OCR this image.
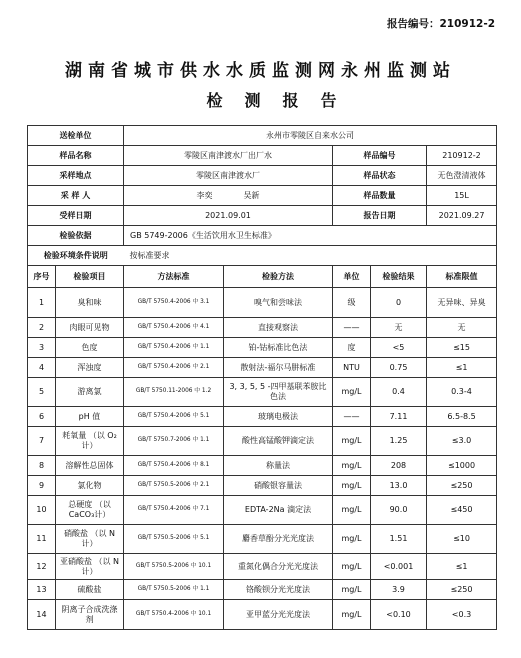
报告编号：210912-2
湖南省城市供水水质监测网永州监测站
检测报告
送检单位		永州市零陵区自来水公司				
样品名称		零陵区南津渡水厂出厂水		样品编号		210912-2
采样地点		零陵区南津渡水厂		样品状态		无色澄清液体
采 样 人		李奕 吴新		样品数量		15L
受样日期		2021.09.01		报告日期		2021.09.27
检验依据		GB 5749-2006《生活饮用水卫生标准》				
检验环境条件说明		按标准要求				
序号	检验项目	方法标准	检验方法	单位	检验结果	标准限值
1	臭和味	GB/T 5750.4-2006 中 3.1	嗅气和尝味法	级	0	无异味、异臭
2	肉眼可见物	GB/T 5750.4-2006 中 4.1	直接观察法	——	无	无
3	色度	GB/T 5750.4-2006 中 1.1	铂-钴标准比色法	度	<5	≤15
4	浑浊度	GB/T 5750.4-2006 中 2.1	散射法-福尔马肼标准	NTU	0.75	≤1
5	游离氯	GB/T 5750.11-2006 中 1.2	3, 3, 5, 5 -四甲基联苯胺比色法	mg/L	0.4	0.3-4
6	pH 值	GB/T 5750.4-2006 中 5.1	玻璃电极法	——	7.11	6.5-8.5
7	耗氧量 （以 O₂计）	GB/T 5750.7-2006 中 1.1	酸性高锰酸钾滴定法	mg/L	1.25	≤3.0
8	溶解性总固体	GB/T 5750.4-2006 中 8.1	称量法	mg/L	208	≤1000
9	氯化物	GB/T 5750.5-2006 中 2.1	硝酸银容量法	mg/L	13.0	≤250
10	总硬度 （以 CaCO₃计）	GB/T 5750.4-2006 中 7.1	EDTA-2Na 滴定法	mg/L	90.0	≤450
11	硝酸盐 （以 N 计）	GB/T 5750.5-2006 中 5.1	麝香草酚分光光度法	mg/L	1.51	≤10
12	亚硝酸盐 （以 N 计）	GB/T 5750.5-2006 中 10.1	重氮化偶合分光光度法	mg/L	<0.001	≤1
13	硫酸盐	GB/T 5750.5-2006 中 1.1	铬酸钡分光光度法	mg/L	3.9	≤250
14	阴离子合成洗涤剂	GB/T 5750.4-2006 中 10.1	亚甲蓝分光光度法	mg/L	<0.10	<0.3
